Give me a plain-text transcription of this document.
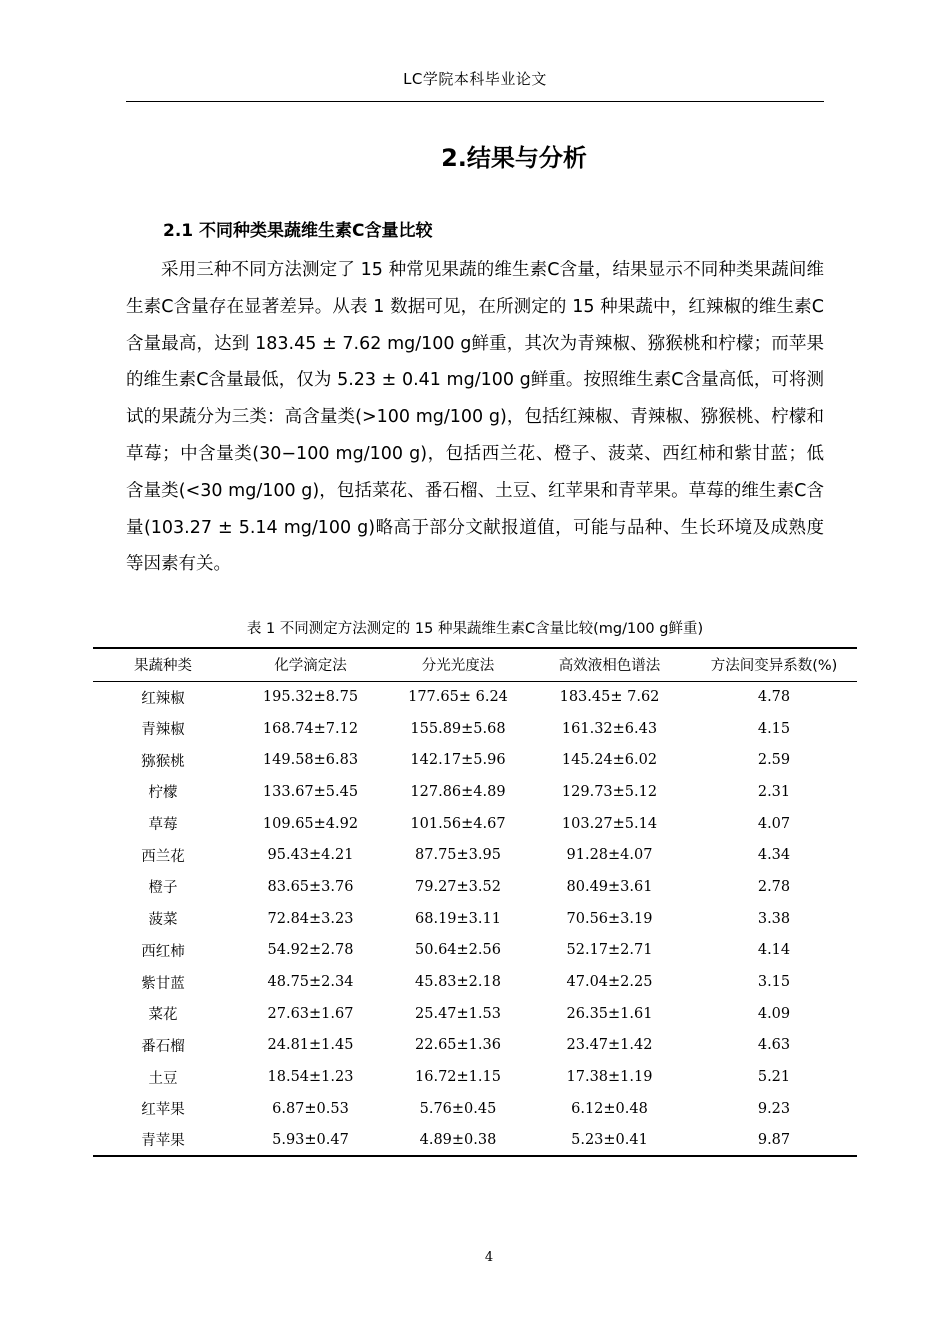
LC学院本科毕业论文
2.结果与分析
2.1 不同种类果蔬维生素C含量比较

采用三种不同方法测定了 15 种常见果蔬的维生素C含量，结果显示不同种类果蔬间维生素C含量存在显著差异。从表 1 数据可见，在所测定的 15 种果蔬中，红辣椒的维生素C含量最高，达到 183.45 ± 7.62 mg/100 g鲜重，其次为青辣椒、猕猴桃和柠檬；而苹果的维生素C含量最低，仅为 5.23 ± 0.41 mg/100 g鲜重。按照维生素C含量高低，可将测试的果蔬分为三类：高含量类(>100 mg/100 g)，包括红辣椒、青辣椒、猕猴桃、柠檬和草莓；中含量类(30−100 mg/100 g)，包括西兰花、橙子、菠菜、西红柿和紫甘蓝；低含量类(<30 mg/100 g)，包括菜花、番石榴、土豆、红苹果和青苹果。草莓的维生素C含量(103.27 ± 5.14 mg/100 g)略高于部分文献报道值，可能与品种、生长环境及成熟度等因素有关。

表 1 不同测定方法测定的 15 种果蔬维生素C含量比较(mg/100 g鲜重)
果蔬种类	化学滴定法	分光光度法	高效液相色谱法	方法间变异系数(%)
红辣椒	195.32±8.75	177.65± 6.24	183.45± 7.62	4.78
青辣椒	168.74±7.12	155.89±5.68	161.32±6.43	4.15
猕猴桃	149.58±6.83	142.17±5.96	145.24±6.02	2.59
柠檬	133.67±5.45	127.86±4.89	129.73±5.12	2.31
草莓	109.65±4.92	101.56±4.67	103.27±5.14	4.07
西兰花	95.43±4.21	87.75±3.95	91.28±4.07	4.34
橙子	83.65±3.76	79.27±3.52	80.49±3.61	2.78
菠菜	72.84±3.23	68.19±3.11	70.56±3.19	3.38
西红柿	54.92±2.78	50.64±2.56	52.17±2.71	4.14
紫甘蓝	48.75±2.34	45.83±2.18	47.04±2.25	3.15
菜花	27.63±1.67	25.47±1.53	26.35±1.61	4.09
番石榴	24.81±1.45	22.65±1.36	23.47±1.42	4.63
土豆	18.54±1.23	16.72±1.15	17.38±1.19	5.21
红苹果	6.87±0.53	5.76±0.45	6.12±0.48	9.23
青苹果	5.93±0.47	4.89±0.38	5.23±0.41	9.87
4
